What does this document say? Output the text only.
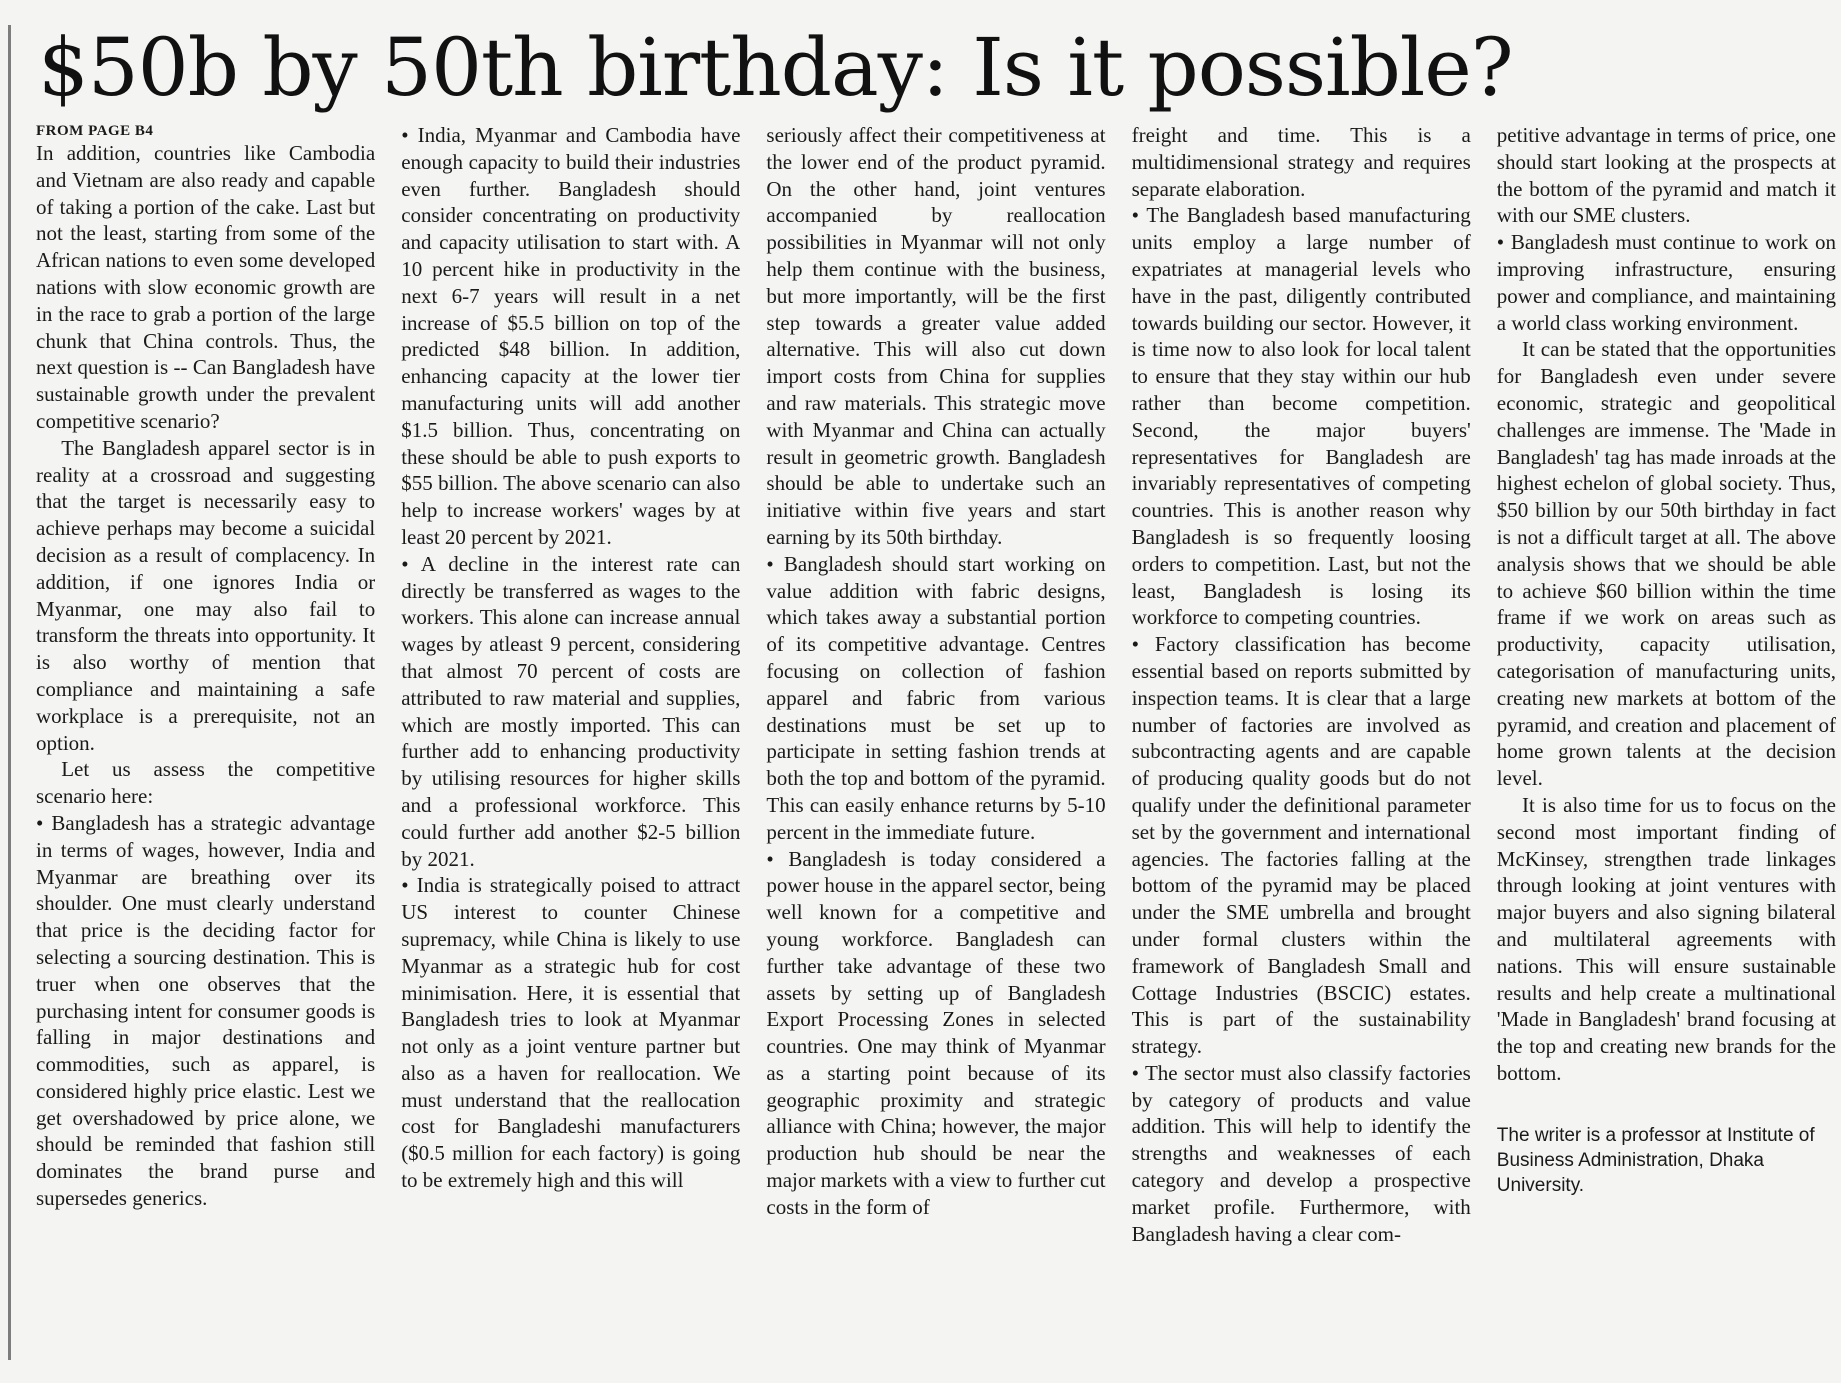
$50b by 50th birthday: Is it possible?
FROM PAGE B4

In addition, countries like Cambodia and Vietnam are also ready and capable of taking a portion of the cake. Last but not the least, starting from some of the African nations to even some developed nations with slow economic growth are in the race to grab a portion of the large chunk that China controls. Thus, the next question is -- Can Bangladesh have sustainable growth under the prevalent competitive scenario?

The Bangladesh apparel sector is in reality at a crossroad and suggesting that the target is necessarily easy to achieve perhaps may become a suicidal decision as a result of complacency. In addition, if one ignores India or Myanmar, one may also fail to transform the threats into opportunity. It is also worthy of mention that compliance and maintaining a safe workplace is a prerequisite, not an option.

Let us assess the competitive scenario here:

• Bangladesh has a strategic advantage in terms of wages, however, India and Myanmar are breathing over its shoulder. One must clearly understand that price is the deciding factor for selecting a sourcing destination. This is truer when one observes that the purchasing intent for consumer goods is falling in major destinations and commodities, such as apparel, is considered highly price elastic. Lest we get overshadowed by price alone, we should be reminded that fashion still dominates the brand purse and supersedes generics.

• India, Myanmar and Cambodia have enough capacity to build their industries even further. Bangladesh should consider concentrating on productivity and capacity utilisation to start with. A 10 percent hike in productivity in the next 6-7 years will result in a net increase of $5.5 billion on top of the predicted $48 billion. In addition, enhancing capacity at the lower tier manufacturing units will add another $1.5 billion. Thus, concentrating on these should be able to push exports to $55 billion. The above scenario can also help to increase workers' wages by at least 20 percent by 2021.

• A decline in the interest rate can directly be transferred as wages to the workers. This alone can increase annual wages by atleast 9 percent, considering that almost 70 percent of costs are attributed to raw material and supplies, which are mostly imported. This can further add to enhancing productivity by utilising resources for higher skills and a professional workforce. This could further add another $2-5 billion by 2021.

• India is strategically poised to attract US interest to counter Chinese supremacy, while China is likely to use Myanmar as a strategic hub for cost minimisation. Here, it is essential that Bangladesh tries to look at Myanmar not only as a joint venture partner but also as a haven for reallocation. We must understand that the reallocation cost for Bangladeshi manufacturers ($0.5 million for each factory) is going to be extremely high and this will

seriously affect their competitiveness at the lower end of the product pyramid. On the other hand, joint ventures accompanied by reallocation possibilities in Myanmar will not only help them continue with the business, but more importantly, will be the first step towards a greater value added alternative. This will also cut down import costs from China for supplies and raw materials. This strategic move with Myanmar and China can actually result in geometric growth. Bangladesh should be able to undertake such an initiative within five years and start earning by its 50th birthday.

• Bangladesh should start working on value addition with fabric designs, which takes away a substantial portion of its competitive advantage. Centres focusing on collection of fashion apparel and fabric from various destinations must be set up to participate in setting fashion trends at both the top and bottom of the pyramid. This can easily enhance returns by 5-10 percent in the immediate future.

• Bangladesh is today considered a power house in the apparel sector, being well known for a competitive and young workforce. Bangladesh can further take advantage of these two assets by setting up of Bangladesh Export Processing Zones in selected countries. One may think of Myanmar as a starting point because of its geographic proximity and strategic alliance with China; however, the major production hub should be near the major markets with a view to further cut costs in the form of

freight and time. This is a multidimensional strategy and requires separate elaboration.

• The Bangladesh based manufacturing units employ a large number of expatriates at managerial levels who have in the past, diligently contributed towards building our sector. However, it is time now to also look for local talent to ensure that they stay within our hub rather than become competition. Second, the major buyers' representatives for Bangladesh are invariably representatives of competing countries. This is another reason why Bangladesh is so frequently loosing orders to competition. Last, but not the least, Bangladesh is losing its workforce to competing countries.

• Factory classification has become essential based on reports submitted by inspection teams. It is clear that a large number of factories are involved as subcontracting agents and are capable of producing quality goods but do not qualify under the definitional parameter set by the government and international agencies. The factories falling at the bottom of the pyramid may be placed under the SME umbrella and brought under formal clusters within the framework of Bangladesh Small and Cottage Industries (BSCIC) estates. This is part of the sustainability strategy.

• The sector must also classify factories by category of products and value addition. This will help to identify the strengths and weaknesses of each category and develop a prospective market profile. Furthermore, with Bangladesh having a clear com-

petitive advantage in terms of price, one should start looking at the prospects at the bottom of the pyramid and match it with our SME clusters.

• Bangladesh must continue to work on improving infrastructure, ensuring power and compliance, and maintaining a world class working environment.

It can be stated that the opportunities for Bangladesh even under severe economic, strategic and geopolitical challenges are immense. The 'Made in Bangladesh' tag has made inroads at the highest echelon of global society. Thus, $50 billion by our 50th birthday in fact is not a difficult target at all. The above analysis shows that we should be able to achieve $60 billion within the time frame if we work on areas such as productivity, capacity utilisation, categorisation of manufacturing units, creating new markets at bottom of the pyramid, and creation and placement of home grown talents at the decision level.

It is also time for us to focus on the second most important finding of McKinsey, strengthen trade linkages through looking at joint ventures with major buyers and also signing bilateral and multilateral agreements with nations. This will ensure sustainable results and help create a multinational 'Made in Bangladesh' brand focusing at the top and creating new brands for the bottom.

The writer is a professor at Institute of Business Administration, Dhaka University.
